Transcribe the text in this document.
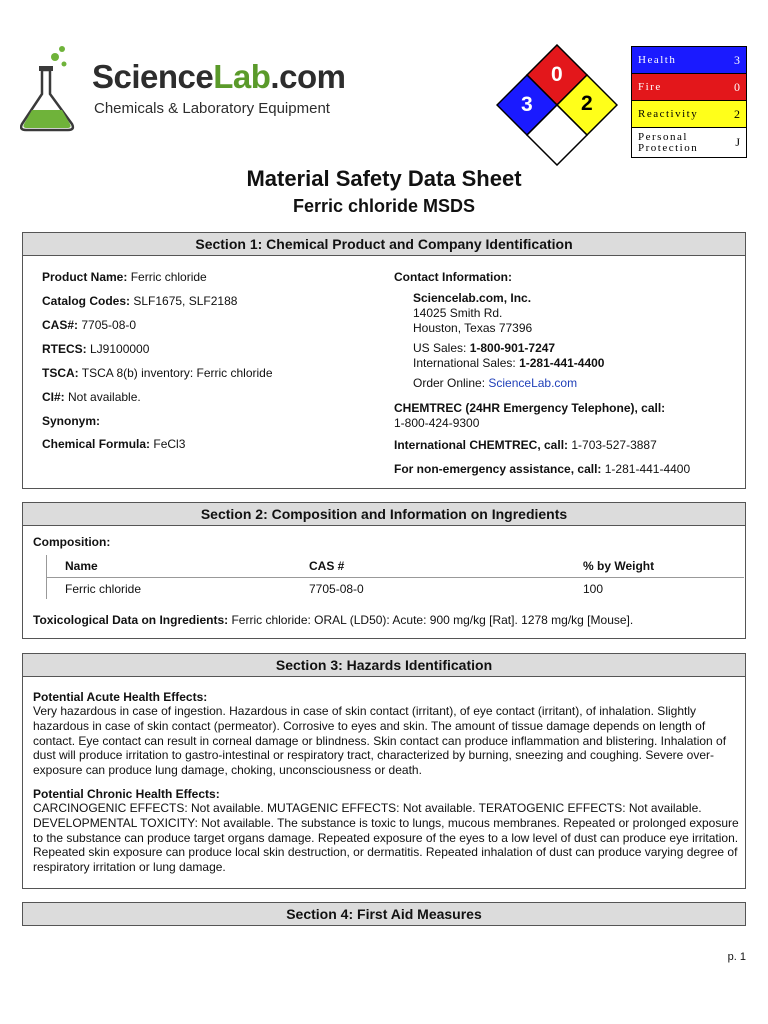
ScienceLab.com
Chemicals & Laboratory Equipment
0
3 2
Health	3
Fire	0
Reactivity	2
Personal
Protection	J
Material Safety Data Sheet
Ferric chloride MSDS
Section 1: Chemical Product and Company Identification
Product Name: Ferric chloride
Catalog Codes: SLF1675, SLF2188
CAS#: 7705-08-0
RTECS: LJ9100000
TSCA: TSCA 8(b) inventory: Ferric chloride
CI#: Not available.
Synonym:
Chemical Formula: FeCl3
Contact Information:
Sciencelab.com, Inc.
14025 Smith Rd.
Houston, Texas 77396
US Sales: 1-800-901-7247
International Sales: 1-281-441-4400
Order Online: ScienceLab.com
CHEMTREC (24HR Emergency Telephone), call:
1-800-424-9300
International CHEMTREC, call: 1-703-527-3887
For non-emergency assistance, call: 1-281-441-4400
Section 2: Composition and Information on Ingredients
Composition:
Name	CAS #	% by Weight
Ferric chloride	7705-08-0	100
Toxicological Data on Ingredients: Ferric chloride: ORAL (LD50): Acute: 900 mg/kg [Rat]. 1278 mg/kg [Mouse].
Section 3: Hazards Identification
Potential Acute Health Effects:
Very hazardous in case of ingestion. Hazardous in case of skin contact (irritant), of eye contact (irritant), of inhalation. Slightly hazardous in case of skin contact (permeator). Corrosive to eyes and skin. The amount of tissue damage depends on length of contact. Eye contact can result in corneal damage or blindness. Skin contact can produce inflammation and blistering. Inhalation of dust will produce irritation to gastro-intestinal or respiratory tract, characterized by burning, sneezing and coughing. Severe over-exposure can produce lung damage, choking, unconsciousness or death.
Potential Chronic Health Effects:
CARCINOGENIC EFFECTS: Not available. MUTAGENIC EFFECTS: Not available. TERATOGENIC EFFECTS: Not available. DEVELOPMENTAL TOXICITY: Not available. The substance is toxic to lungs, mucous membranes. Repeated or prolonged exposure to the substance can produce target organs damage. Repeated exposure of the eyes to a low level of dust can produce eye irritation. Repeated skin exposure can produce local skin destruction, or dermatitis. Repeated inhalation of dust can produce varying degree of respiratory irritation or lung damage.
Section 4: First Aid Measures
p. 1
